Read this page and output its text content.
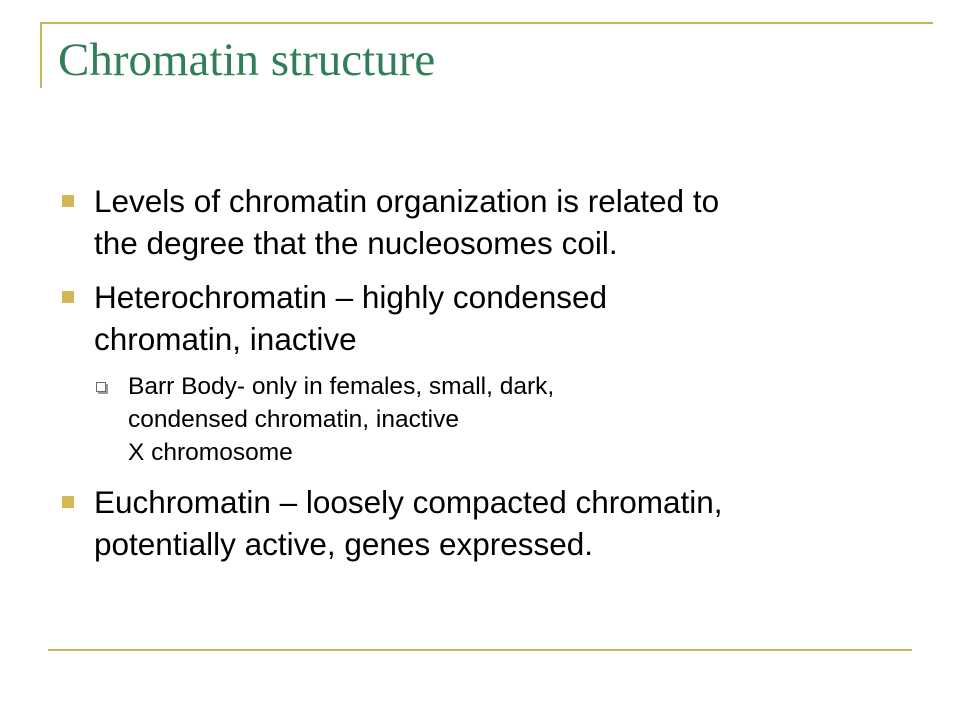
Chromatin structure
Levels of chromatin organization is related to
the degree that the nucleosomes coil.
Heterochromatin – highly condensed
chromatin, inactive
Barr Body- only in females, small, dark,
condensed chromatin, inactive
X chromosome
Euchromatin – loosely compacted chromatin,
potentially active, genes expressed.
